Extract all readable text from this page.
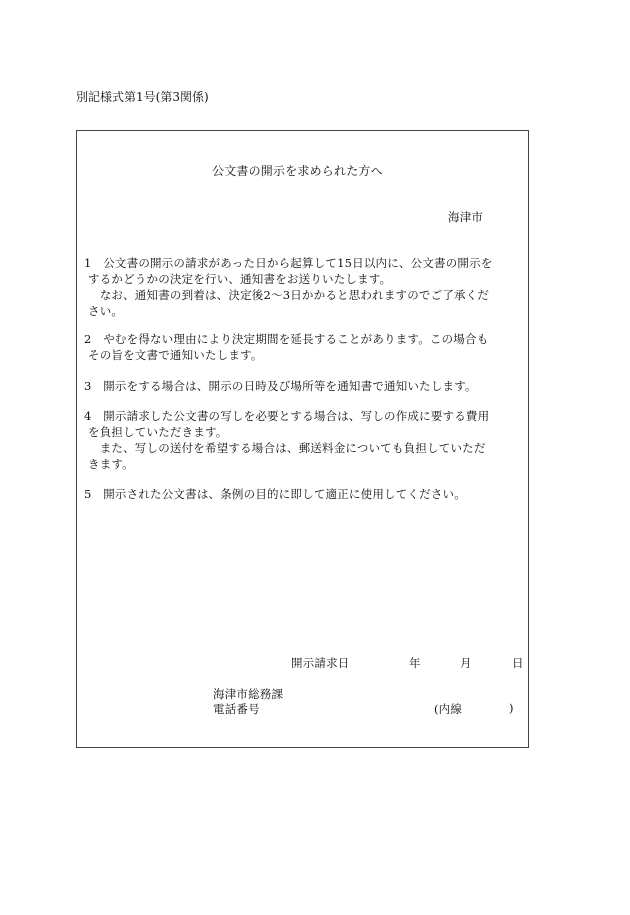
別記様式第1号(第3関係)
公文書の開示を求められた方へ
海津市
1　公文書の開示の請求があった日から起算して15日以内に、公文書の開示を
するかどうかの決定を行い、通知書をお送りいたします。
　なお、通知書の到着は、決定後2〜3日かかると思われますのでご了承くだ
さい。
2　やむを得ない理由により決定期間を延長することがあります。この場合も
その旨を文書で通知いたします。
3　開示をする場合は、開示の日時及び場所等を通知書で通知いたします。
4　開示請求した公文書の写しを必要とする場合は、写しの作成に要する費用
を負担していただきます。
　また、写しの送付を希望する場合は、郵送料金についても負担していただ
きます。
5　開示された公文書は、条例の目的に即して適正に使用してください。
開示請求日	年	月	日
海津市総務課
電話番号	(内線	)
